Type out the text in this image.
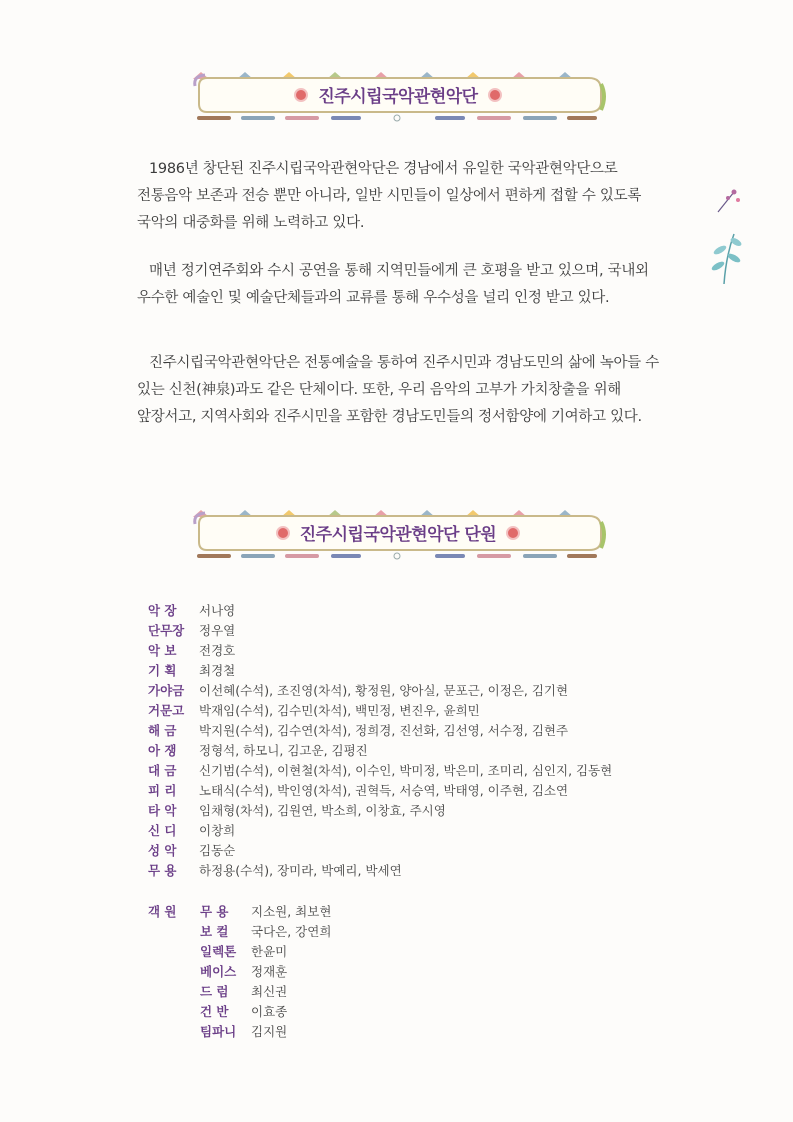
진주시립국악관현악단

1986년 창단된 진주시립국악관현악단은 경남에서 유일한 국악관현악단으로 전통음악 보존과 전승 뿐만 아니라, 일반 시민들이 일상에서 편하게 접할 수 있도록 국악의 대중화를 위해 노력하고 있다.

매년 정기연주회와 수시 공연을 통해 지역민들에게 큰 호평을 받고 있으며, 국내외 우수한 예술인 및 예술단체들과의 교류를 통해 우수성을 널리 인정 받고 있다.

진주시립국악관현악단은 전통예술을 통하여 진주시민과 경남도민의 삶에 녹아들 수 있는 신천(神泉)과도 같은 단체이다. 또한, 우리 음악의 고부가 가치창출을 위해 앞장서고, 지역사회와 진주시민을 포함한 경남도민들의 정서함양에 기여하고 있다.

진주시립국악관현악단 단원
악 장 서나영
단무장 정우열
악 보 전경호
기 획 최경철
가야금 이선혜(수석), 조진영(차석), 황정원, 양아실, 문포근, 이정은, 김기현
거문고 박재임(수석), 김수민(차석), 백민정, 변진우, 윤희민
해 금 박지원(수석), 김수연(차석), 정희경, 진선화, 김선영, 서수정, 김현주
아 쟁 정형석, 하모니, 김고운, 김평진
대 금 신기범(수석), 이현철(차석), 이수인, 박미정, 박은미, 조미리, 심인지, 김동현
피 리 노태식(수석), 박인영(차석), 권혁득, 서승역, 박태영, 이주현, 김소연
타 악 임채형(차석), 김원연, 박소희, 이창효, 주시영
신 디 이창희
성 악 김동순
무 용 하정용(수석), 장미라, 박예리, 박세연
객 원	무 용 지소원, 최보현
보 컬 국다은, 강연희
일렉톤 한윤미
베이스 정재훈
드 럼 최신권
건 반 이효종
팀파니 김지원
